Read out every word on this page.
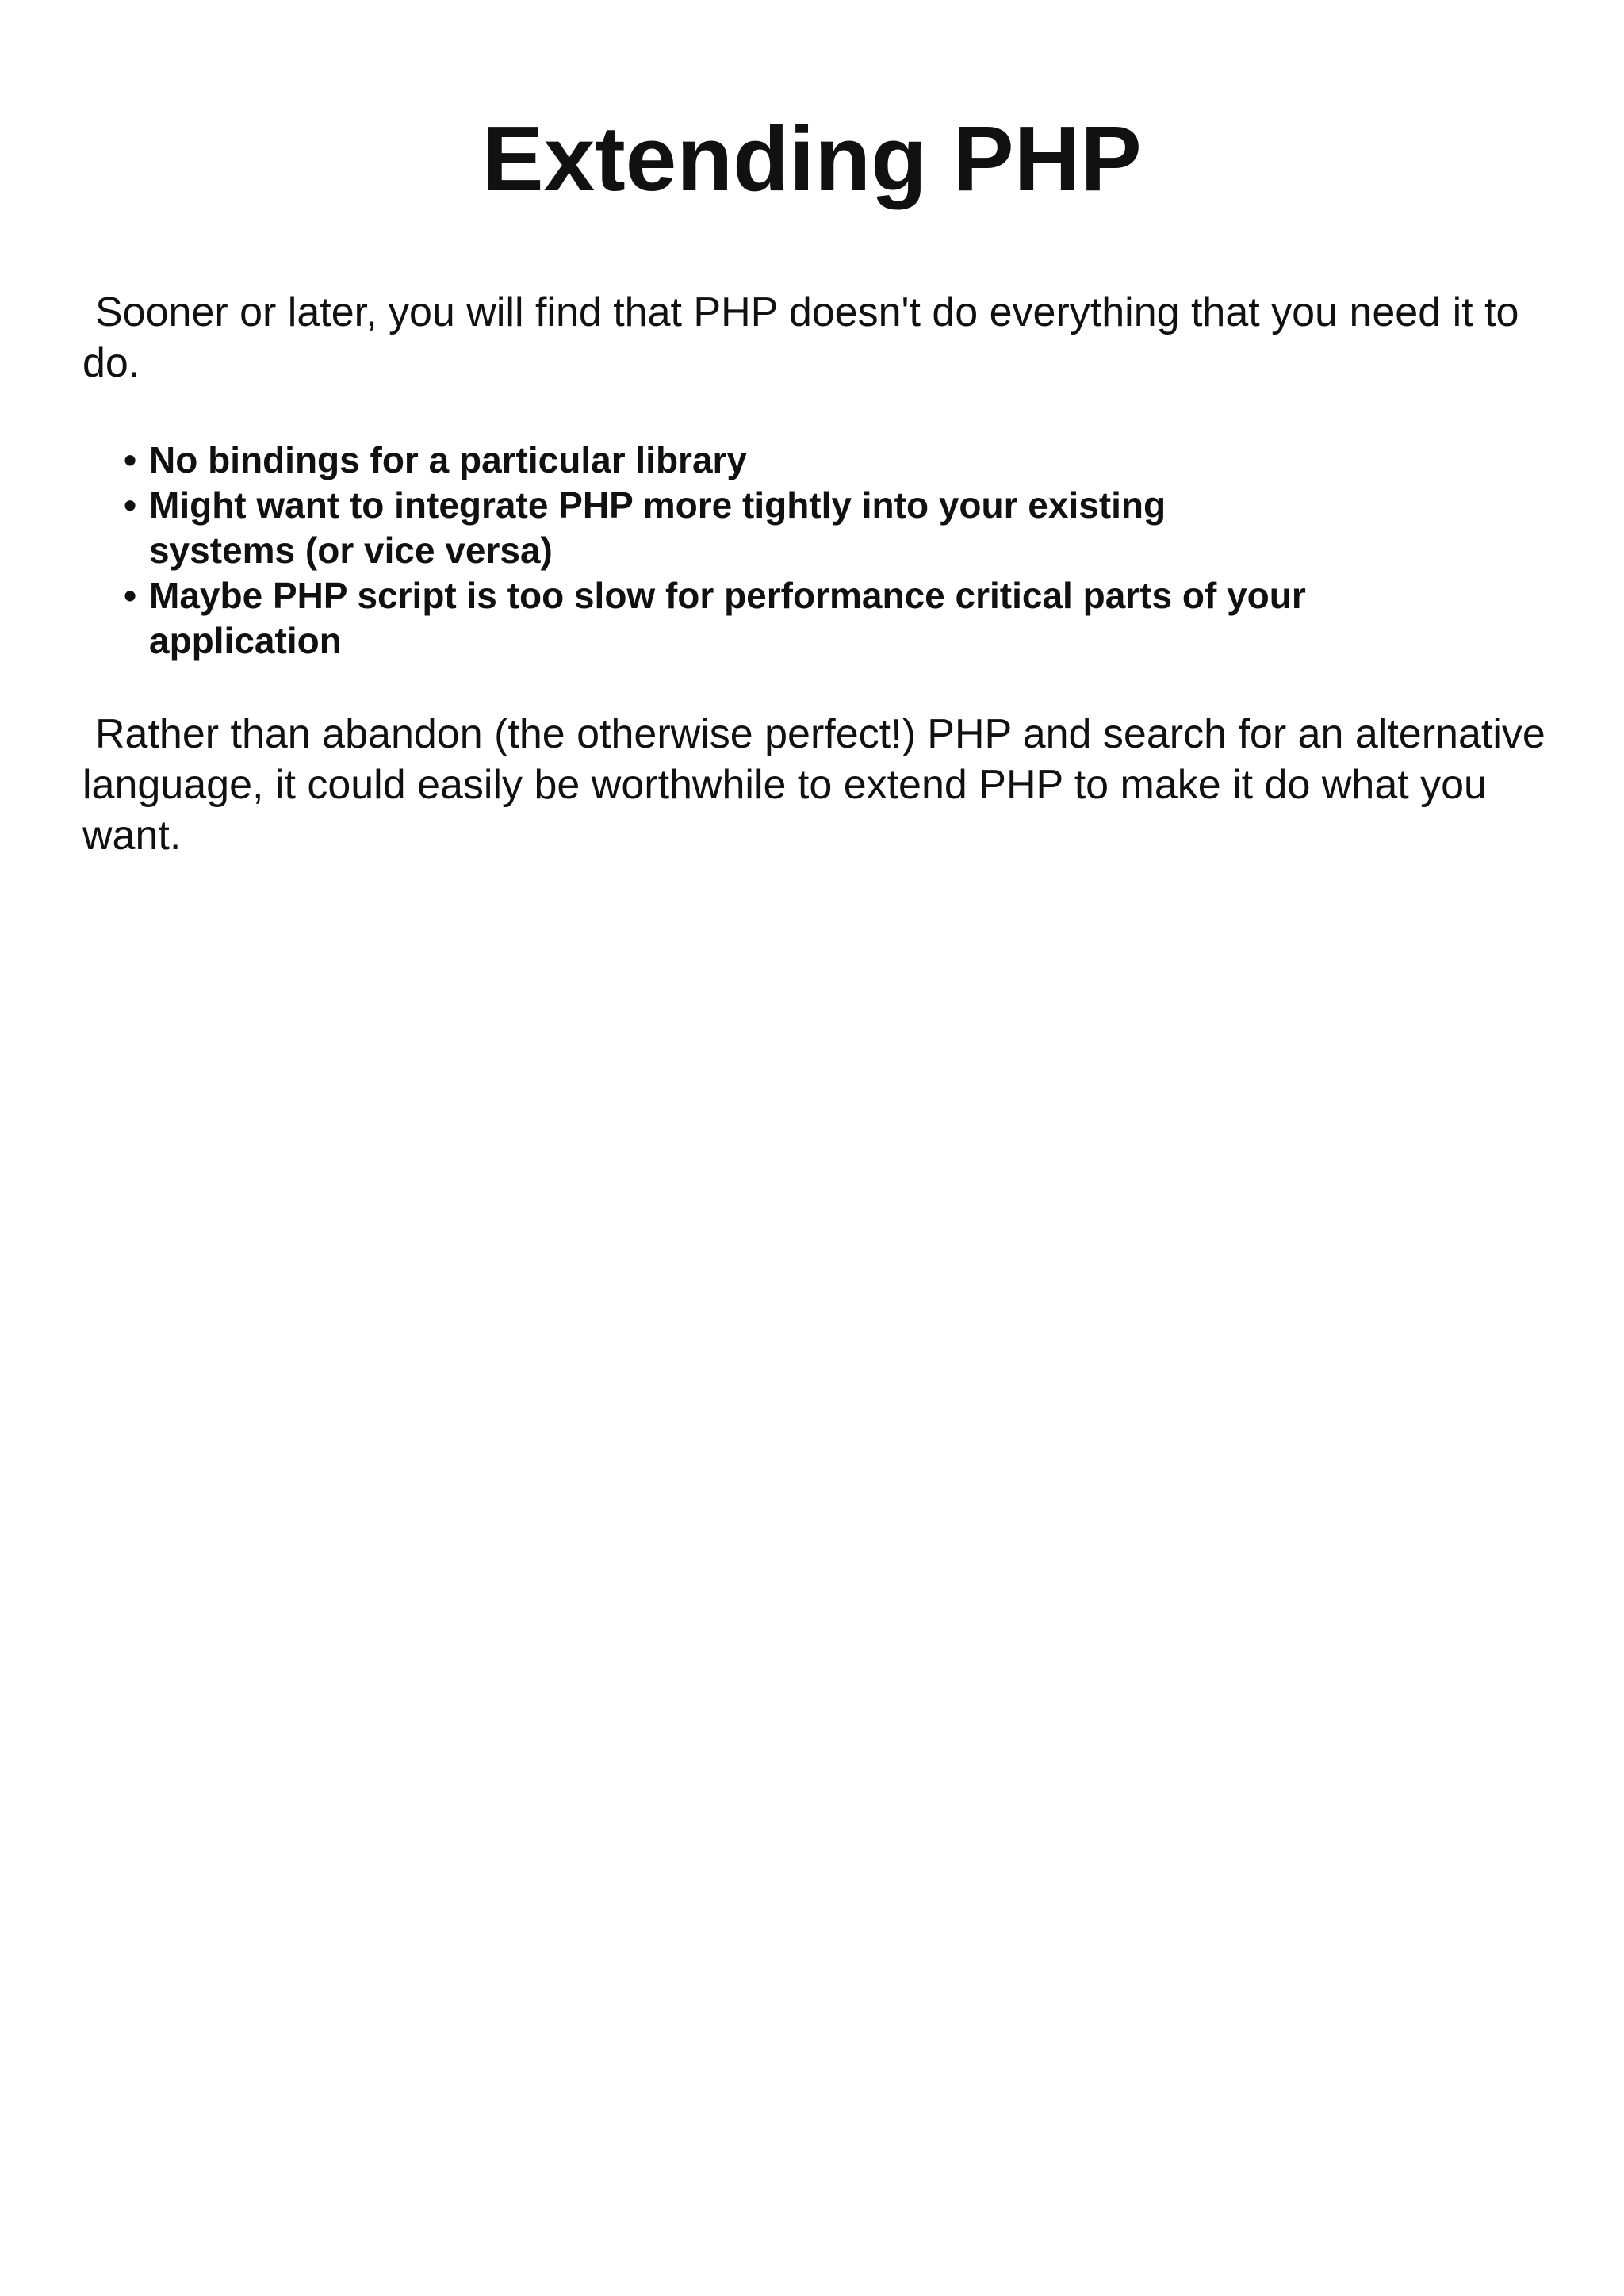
Extending PHP

Sooner or later, you will find that PHP doesn't do everything that you need it to do.

• No bindings for a particular library
• Might want to integrate PHP more tightly into your existing systems (or vice versa)
• Maybe PHP script is too slow for performance critical parts of your application

Rather than abandon (the otherwise perfect!) PHP and search for an alternative language, it could easily be worthwhile to extend PHP to make it do what you want.
